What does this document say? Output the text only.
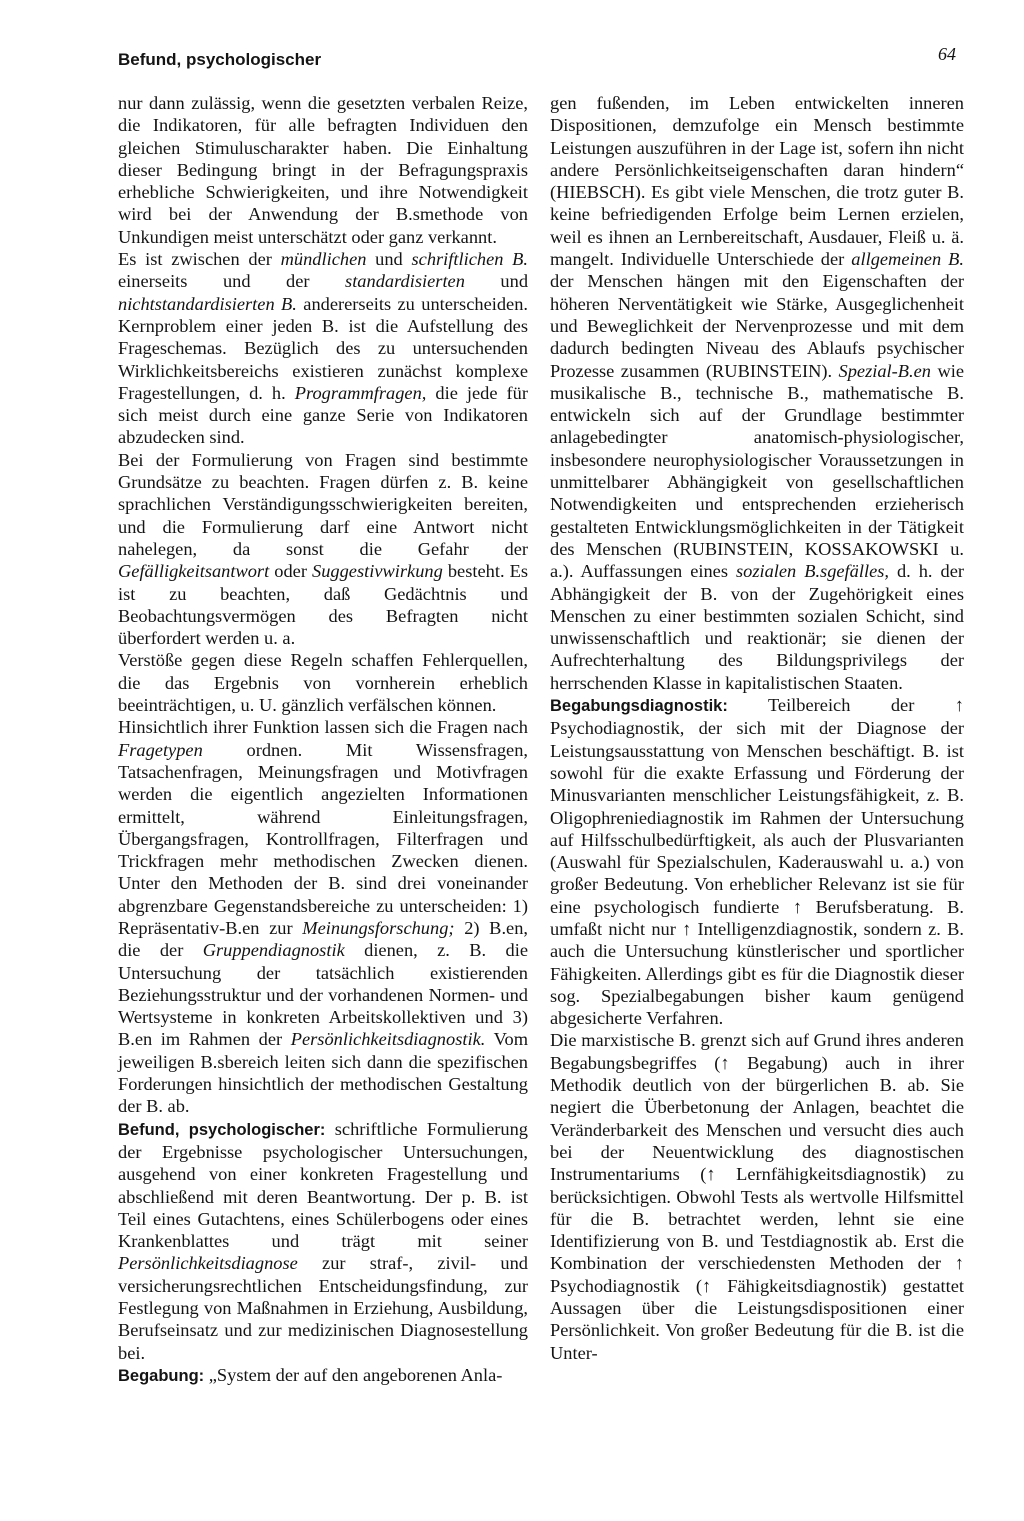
Befund, psychologischer	64

nur dann zulässig, wenn die gesetzten verbalen Reize, die Indikatoren, für alle befragten Individuen den gleichen Stimuluscharakter haben. Die Einhaltung dieser Bedingung bringt in der Befragungspraxis erhebliche Schwierigkeiten, und ihre Notwendigkeit wird bei der Anwendung der B.smethode von Unkundigen meist unterschätzt oder ganz verkannt.

Es ist zwischen der mündlichen und schriftlichen B. einerseits und der standardisierten und nichtstandardisierten B. andererseits zu unterscheiden. Kernproblem einer jeden B. ist die Aufstellung des Frageschemas. Bezüglich des zu untersuchenden Wirklichkeitsbereichs existieren zunächst komplexe Fragestellungen, d. h. Programmfragen, die jede für sich meist durch eine ganze Serie von Indikatoren abzudecken sind.

Bei der Formulierung von Fragen sind bestimmte Grundsätze zu beachten. Fragen dürfen z. B. keine sprachlichen Verständigungsschwierigkeiten bereiten, und die Formulierung darf eine Antwort nicht nahelegen, da sonst die Gefahr der Gefälligkeitsantwort oder Suggestivwirkung besteht. Es ist zu beachten, daß Gedächtnis und Beobachtungsvermögen des Befragten nicht überfordert werden u. a.

Verstöße gegen diese Regeln schaffen Fehlerquellen, die das Ergebnis von vornherein erheblich beeinträchtigen, u. U. gänzlich verfälschen können.

Hinsichtlich ihrer Funktion lassen sich die Fragen nach Fragetypen ordnen. Mit Wissensfragen, Tatsachenfragen, Meinungsfragen und Motivfragen werden die eigentlich angezielten Informationen ermittelt, während Einleitungsfragen, Übergangsfragen, Kontrollfragen, Filterfragen und Trickfragen mehr methodischen Zwecken dienen. Unter den Methoden der B. sind drei voneinander abgrenzbare Gegenstandsbereiche zu unterscheiden: 1) Repräsentativ-B.en zur Meinungsforschung; 2) B.en, die der Gruppendiagnostik dienen, z. B. die Untersuchung der tatsächlich existierenden Beziehungsstruktur und der vorhandenen Normen- und Wertsysteme in konkreten Arbeitskollektiven und 3) B.en im Rahmen der Persönlichkeitsdiagnostik. Vom jeweiligen B.sbereich leiten sich dann die spezifischen Forderungen hinsichtlich der methodischen Gestaltung der B. ab.

Befund, psychologischer: schriftliche Formulierung der Ergebnisse psychologischer Untersuchungen, ausgehend von einer konkreten Fragestellung und abschließend mit deren Beantwortung. Der p. B. ist Teil eines Gutachtens, eines Schülerbogens oder eines Krankenblattes und trägt mit seiner Persönlichkeitsdiagnose zur straf-, zivil- und versicherungsrechtlichen Entscheidungsfindung, zur Festlegung von Maßnahmen in Erziehung, Ausbildung, Berufseinsatz und zur medizinischen Diagnosestellung bei.

Begabung: „System der auf den angeborenen Anla-

gen fußenden, im Leben entwickelten inneren Dispositionen, demzufolge ein Mensch bestimmte Leistungen auszuführen in der Lage ist, sofern ihn nicht andere Persönlichkeitseigenschaften daran hindern“ (HIEBSCH). Es gibt viele Menschen, die trotz guter B. keine befriedigenden Erfolge beim Lernen erzielen, weil es ihnen an Lernbereitschaft, Ausdauer, Fleiß u. ä. mangelt. Individuelle Unterschiede der allgemeinen B. der Menschen hängen mit den Eigenschaften der höheren Nerventätigkeit wie Stärke, Ausgeglichenheit und Beweglichkeit der Nervenprozesse und mit dem dadurch bedingten Niveau des Ablaufs psychischer Prozesse zusammen (RUBINSTEIN). Spezial-B.en wie musikalische B., technische B., mathematische B. entwickeln sich auf der Grundlage bestimmter anlagebedingter anatomisch-physiologischer, insbesondere neurophysiologischer Voraussetzungen in unmittelbarer Abhängigkeit von gesellschaftlichen Notwendigkeiten und entsprechenden erzieherisch gestalteten Entwicklungsmöglichkeiten in der Tätigkeit des Menschen (RUBINSTEIN, KOSSAKOWSKI u. a.). Auffassungen eines sozialen B.sgefälles, d. h. der Abhängigkeit der B. von der Zugehörigkeit eines Menschen zu einer bestimmten sozialen Schicht, sind unwissenschaftlich und reaktionär; sie dienen der Aufrechterhaltung des Bildungsprivilegs der herrschenden Klasse in kapitalistischen Staaten.

Begabungsdiagnostik: Teilbereich der ↑ Psychodiagnostik, der sich mit der Diagnose der Leistungsausstattung von Menschen beschäftigt. B. ist sowohl für die exakte Erfassung und Förderung der Minusvarianten menschlicher Leistungsfähigkeit, z. B. Oligophreniediagnostik im Rahmen der Untersuchung auf Hilfsschulbedürftigkeit, als auch der Plusvarianten (Auswahl für Spezialschulen, Kaderauswahl u. a.) von großer Bedeutung. Von erheblicher Relevanz ist sie für eine psychologisch fundierte ↑ Berufsberatung. B. umfaßt nicht nur ↑ Intelligenzdiagnostik, sondern z. B. auch die Untersuchung künstlerischer und sportlicher Fähigkeiten. Allerdings gibt es für die Diagnostik dieser sog. Spezialbegabungen bisher kaum genügend abgesicherte Verfahren.

Die marxistische B. grenzt sich auf Grund ihres anderen Begabungsbegriffes (↑ Begabung) auch in ihrer Methodik deutlich von der bürgerlichen B. ab. Sie negiert die Überbetonung der Anlagen, beachtet die Veränderbarkeit des Menschen und versucht dies auch bei der Neuentwicklung des diagnostischen Instrumentariums (↑ Lernfähigkeitsdiagnostik) zu berücksichtigen. Obwohl Tests als wertvolle Hilfsmittel für die B. betrachtet werden, lehnt sie eine Identifizierung von B. und Testdiagnostik ab. Erst die Kombination der verschiedensten Methoden der ↑ Psychodiagnostik (↑ Fähigkeitsdiagnostik) gestattet Aussagen über die Leistungsdispositionen einer Persönlichkeit. Von großer Bedeutung für die B. ist die Unter-
